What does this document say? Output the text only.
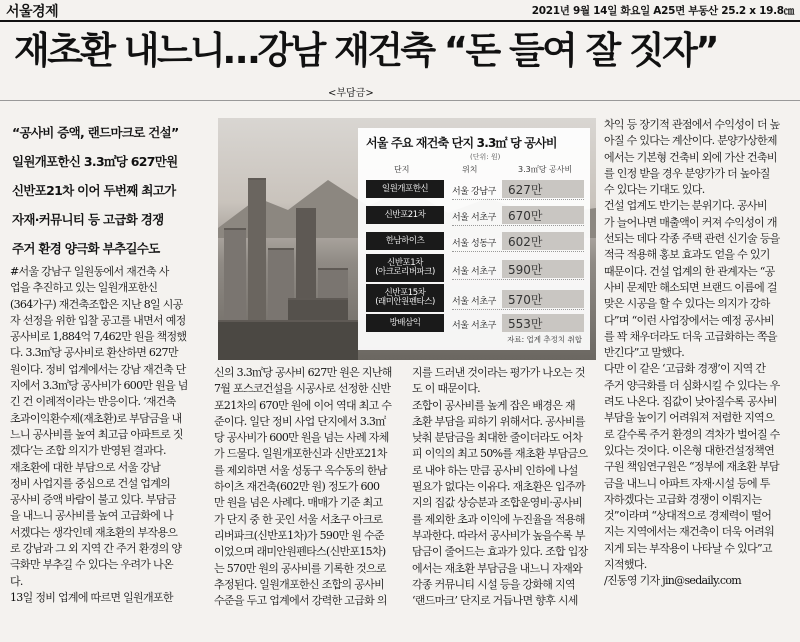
서울경제	2021년 9월 14일 화요일 A25면 부동산 25.2 x 19.8㎝
재초환 내느니…강남 재건축 “돈 들여 잘 짓자”
<부담금>
“공사비 증액, 랜드마크로 건설”
일원개포한신 3.3㎡당 627만원
신반포21차 이어 두번째 최고가
자재·커뮤니티 등 고급화 경쟁
주거 환경 양극화 부추길수도
서울 주요 재건축 단지 3.3㎡ 당 공사비
(단위: 원)
단지	위치	3.3㎡당 공사비
일원개포한신	서울 강남구 627만
신반포21차	서울 서초구 670만
한남하이츠	서울 성동구 602만
신반포1차
(아크로리버파크)	서울 서초구 590만
신반포15차
(래미안원펜타스)	서울 서초구 570만
방배삼익	서울 서초구 553만
자료: 업계 추정치 취합

#서울 강남구 일원동에서 재건축 사

업을 추진하고 있는 일원개포한신

(364가구) 재건축조합은 지난 8일 시공

자 선정을 위한 입찰 공고를 내면서 예정

공사비로 1,884억 7,462만 원을 책정했

다. 3.3㎡당 공사비로 환산하면 627만

원이다. 정비 업계에서는 강남 재건축 단

지에서 3.3㎡당 공사비가 600만 원을 넘

긴 건 이례적이라는 반응이다. ‘재건축

초과이익환수제(재초환)로 부담금을 내

느니 공사비를 높여 최고급 아파트로 짓

겠다’는 조합 의지가 반영된 결과다.

재초환에 대한 부담으로 서울 강남

정비 사업지를 중심으로 건설 업계의

공사비 증액 바람이 불고 있다. 부담금

을 내느니 공사비를 높여 고급화에 나

서겠다는 생각인데 재초환의 부작용으

로 강남과 그 외 지역 간 주거 환경의 양

극화만 부추길 수 있다는 우려가 나온

다.

13일 정비 업계에 따르면 일원개포한

신의 3.3㎡당 공사비 627만 원은 지난해

7월 포스코건설을 시공사로 선정한 신반

포21차의 670만 원에 이어 역대 최고 수

준이다. 일단 정비 사업 단지에서 3.3㎡

당 공사비가 600만 원을 넘는 사례 자체

가 드물다. 일원개포한신과 신반포21차

를 제외하면 서울 성동구 옥수동의 한남

하이츠 재건축(602만 원) 정도가 600

만 원을 넘은 사례다. 매매가 기준 최고

가 단지 중 한 곳인 서울 서초구 아크로

리버파크(신반포1차)가 590만 원 수준

이었으며 래미안원펜타스(신반포15차)

는 570만 원의 공사비를 기록한 것으로

추정된다. 일원개포한신 조합의 공사비

수준을 두고 업계에서 강력한 고급화 의

지를 드러낸 것이라는 평가가 나오는 것

도 이 때문이다.

조합이 공사비를 높게 잡은 배경은 재

초환 부담을 피하기 위해서다. 공사비를

낮춰 분담금을 최대한 줄이더라도 어차

피 이익의 최고 50%를 재초환 부담금으

로 내야 하는 만큼 공사비 인하에 나설

필요가 없다는 이유다. 재초환은 입주까

지의 집값 상승분과 조합운영비·공사비

를 제외한 초과 이익에 누진율을 적용해

부과한다. 따라서 공사비가 높을수록 부

담금이 줄어드는 효과가 있다. 조합 입장

에서는 재초환 부담금을 내느니 자재와

각종 커뮤니티 시설 등을 강화해 지역

‘랜드마크’ 단지로 거듭나면 향후 시세

차익 등 장기적 관점에서 수익성이 더 높

아질 수 있다는 계산이다. 분양가상한제

에서는 기본형 건축비 외에 가산 건축비

를 인정 받을 경우 분양가가 더 높아질

수 있다는 기대도 있다.

건설 업계도 반기는 분위기다. 공사비

가 늘어나면 매출액이 커져 수익성이 개

선되는 데다 각종 주택 관련 신기술 등을

적극 적용해 홍보 효과도 얻을 수 있기

때문이다. 건설 업계의 한 관계자는 “공

사비 문제만 해소되면 브랜드 이름에 걸

맞은 시공을 할 수 있다는 의지가 강하

다”며 “이런 사업장에서는 예정 공사비

를 꽉 채우더라도 더욱 고급화하는 쪽을

반긴다”고 말했다.

다만 이 같은 ‘고급화 경쟁’이 지역 간

주거 양극화를 더 심화시킬 수 있다는 우

려도 나온다. 집값이 낮아질수록 공사비

부담을 높이기 어려워져 저렴한 지역으

로 갈수록 주거 환경의 격차가 벌어질 수

있다는 것이다. 이은형 대한건설정책연

구원 책임연구원은 “정부에 재초환 부담

금을 내느니 아파트 자재·시설 등에 투

자하겠다는 고급화 경쟁이 이뤄지는

것”이라며 “상대적으로 경제력이 떨어

지는 지역에서는 재건축이 더욱 어려워

지게 되는 부작용이 나타날 수 있다”고

지적했다.

/진동영 기자 jin@sedaily.com
